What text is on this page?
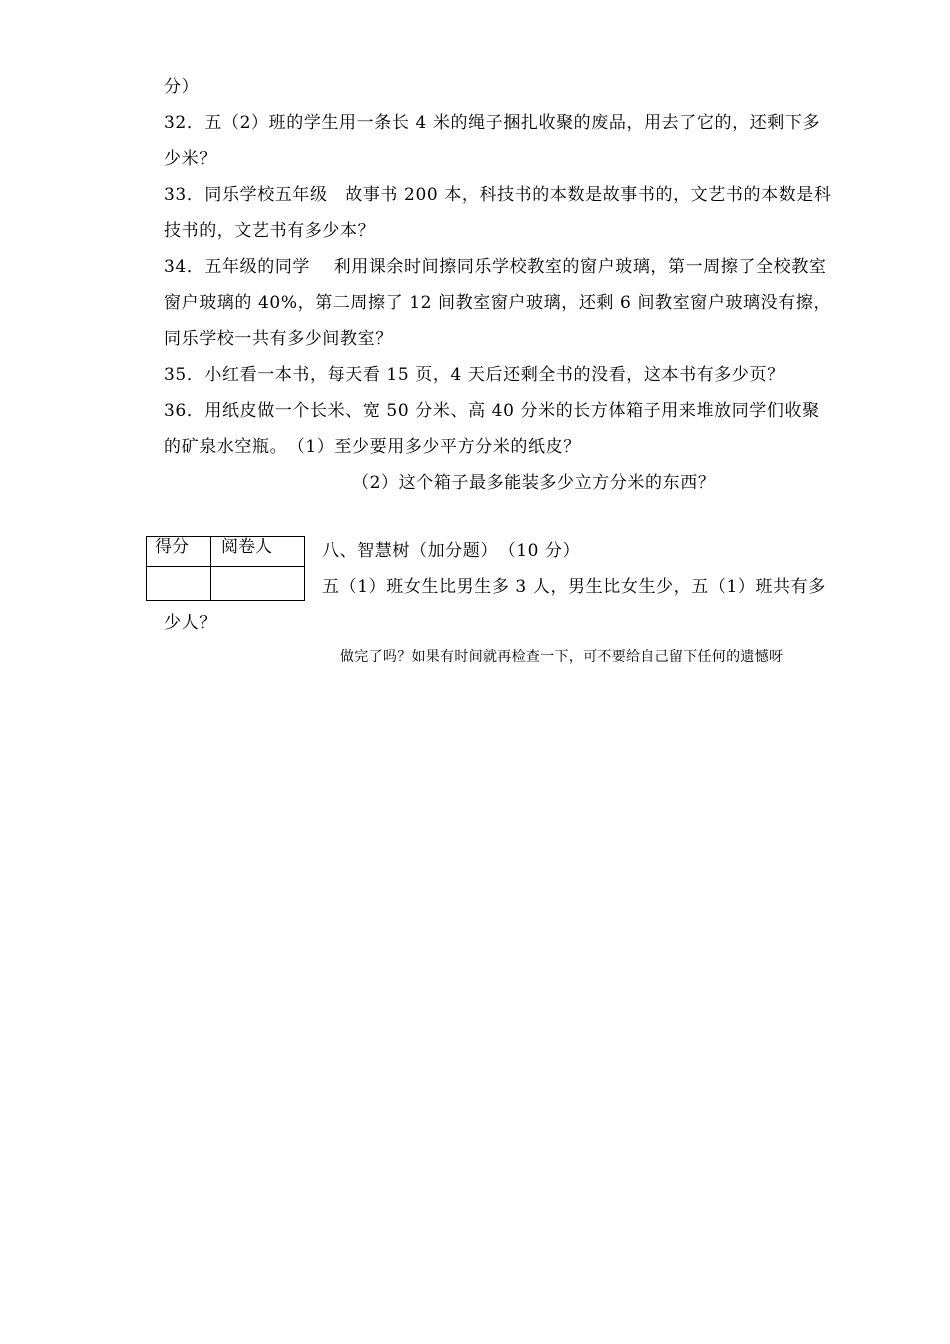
分）
32．五（2）班的学生用一条长 4 米的绳子捆扎收聚的废品，用去了它的，还剩下多
少米？
33．同乐学校五年级　故事书 200 本，科技书的本数是故事书的，文艺书的本数是科
技书的，文艺书有多少本？
34．五年级的同学　 利用课余时间擦同乐学校教室的窗户玻璃，第一周擦了全校教室
窗户玻璃的 40%，第二周擦了 12 间教室窗户玻璃，还剩 6 间教室窗户玻璃没有擦，
同乐学校一共有多少间教室？
35．小红看一本书，每天看 15 页，4 天后还剩全书的没看，这本书有多少页？
36．用纸皮做一个长米、宽 50 分米、高 40 分米的长方体箱子用来堆放同学们收聚
的矿泉水空瓶。　（1）至少要用多少平方分米的纸皮？
（2）这个箱子最多能装多少立方分米的东西？
得分	阅卷人
		八、智慧树（加分题）　（10 分）
五（1）班女生比男生多 3 人，男生比女生少，五（1）班共有多
少人？
做完了吗？如果有时间就再检查一下，可不要给自己留下任何的遗憾呀
